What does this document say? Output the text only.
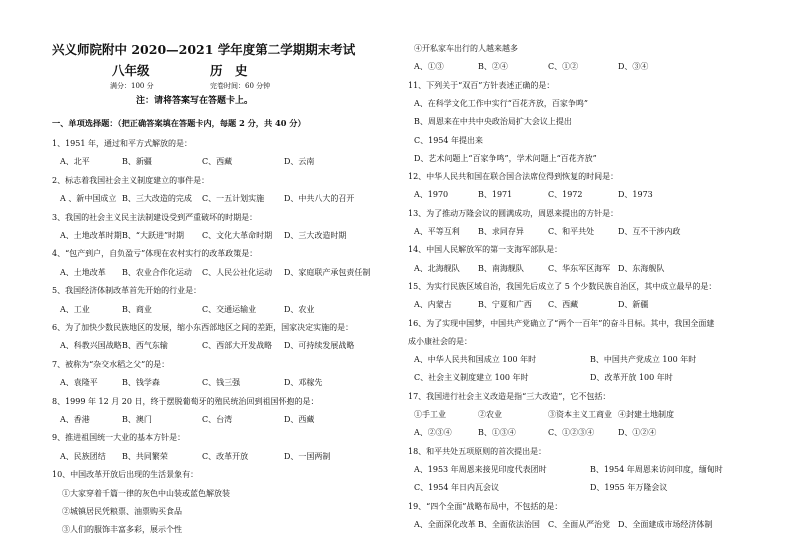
兴义师院附中 2020—2021 学年度第二学期期末考试
八年级	历　史
满分：100 分	完卷时间：60 分钟
注：请将答案写在答题卡上。
一、单项选择题：（把正确答案填在答题卡内，每题 2 分，共 40 分）
1、1951 年，通过和平方式解放的是：
A、北平	B、新疆	C、西藏	D、云南
2、标志着我国社会主义制度建立的事件是：
A 、新中国成立 B、三大改造的完成 C、一五计划实施 D、中共八大的召开
3、我国的社会主义民主法制建设受到严重破坏的时期是：
A、土地改革时期 B、“大跃进”时期 C、文化大革命时期 D、三大改造时期
4、“包产到户，自负盈亏”体现在农村实行的改革政策是：
A、土地改革 B、农业合作化运动 C、人民公社化运动 D、家庭联产承包责任制
5、我国经济体制改革首先开始的行业是：
A、工业	B、商业	C、交通运输业	D、农业
6、为了加快少数民族地区的发展，缩小东西部地区之间的差距，国家决定实施的是：
A、科教兴国战略 B、西气东输	C、西部大开发战略 D、可持续发展战略
7、被称为“杂交水稻之父”的是：
A、袁隆平	B、钱学森	C、钱三强	D、邓稼先
8、1999 年 12 月 20 日，终于摆脱葡萄牙的殖民统治回到祖国怀抱的是：
A、香港	B、澳门	C、台湾	D、西藏
9、推进祖国统一大业的基本方针是：
A、民族团结 B、共同繁荣	C、改革开放	D、一国两制
10、中国改革开放后出现的生活景象有：
①大家穿着千篇一律的灰色中山装或蓝色解放装
②城镇居民凭粮票、油票购买食品
③人们的服饰丰富多彩，展示个性
④开私家车出行的人越来越多
A、①③	B、②④	C、①②	D、③④
11、下列关于“双百”方针表述正确的是：
A、在科学文化工作中实行“百花齐放，百家争鸣”
B、周恩来在中共中央政治局扩大会议上提出
C、1954 年提出来
D、艺术问题上“百家争鸣”，学术问题上“百花齐放”
12、中华人民共和国在联合国合法席位得到恢复的时间是：
A、1970	B、1971	C、1972	D、1973
13、为了推动万隆会议的圆满成功，周恩来提出的方针是：
A、平等互利 B、求同存异	C、和平共处	D、互不干涉内政
14、中国人民解放军的第一支海军部队是：
A、北海舰队 B、南海舰队	C、华东军区海军 D、东海舰队
15、为实行民族区域自治，我国先后成立了 5 个少数民族自治区，其中成立最早的是：
A、内蒙古	B、宁夏和广西 C、西藏	D、新疆
16、为了实现中国梦，中国共产党确立了“两个一百年”的奋斗目标。其中，我国全面建
成小康社会的是：
A、中华人民共和国成立 100 年时	B、中国共产党成立 100 年时
C、社会主义制度建立 100 年时	D、改革开放 100 年时
17、我国进行社会主义改造是指“三大改造”，它不包括：
①手工业	②农业	③资本主义工商业 ④封建土地制度
A、②③④	B、①③④	C、①②③④	D、①②④
18、和平共处五项原则的首次提出是：
A、1953 年周恩来接见印度代表团时	B、1954 年周恩来访问印度，缅甸时
C、1954 年日内瓦会议	D、1955 年万隆会议
19、“四个全面”战略布局中，不包括的是：
A、全面深化改革 B、全面依法治国 C、全面从严治党 D、全面建成市场经济体制
